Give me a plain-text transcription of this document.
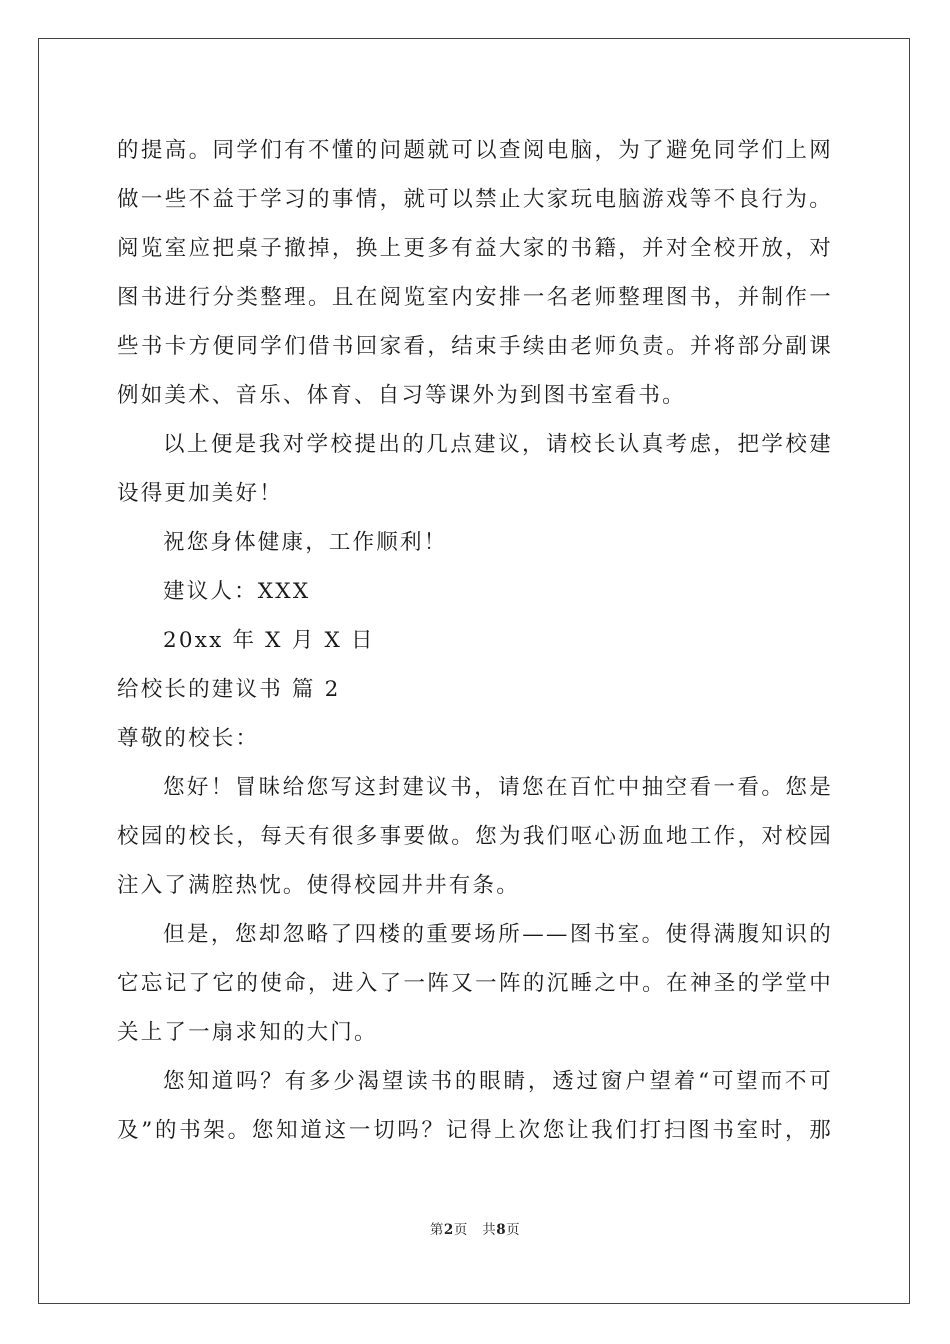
的提高。同学们有不懂的问题就可以查阅电脑，为了避免同学们上网
做一些不益于学习的事情，就可以禁止大家玩电脑游戏等不良行为。
阅览室应把桌子撤掉，换上更多有益大家的书籍，并对全校开放，对
图书进行分类整理。且在阅览室内安排一名老师整理图书，并制作一
些书卡方便同学们借书回家看，结束手续由老师负责。并将部分副课
例如美术、音乐、体育、自习等课外为到图书室看书。
以上便是我对学校提出的几点建议，请校长认真考虑，把学校建
设得更加美好！
祝您身体健康，工作顺利！
建议人：XXX
20xx 年 X 月 X 日
给校长的建议书 篇 2
尊敬的校长：
您好！冒昧给您写这封建议书，请您在百忙中抽空看一看。您是
校园的校长，每天有很多事要做。您为我们呕心沥血地工作，对校园
注入了满腔热忱。使得校园井井有条。
但是，您却忽略了四楼的重要场所——图书室。使得满腹知识的
它忘记了它的使命，进入了一阵又一阵的沉睡之中。在神圣的学堂中
关上了一扇求知的大门。
您知道吗？有多少渴望读书的眼睛，透过窗户望着“可望而不可
及”的书架。您知道这一切吗？记得上次您让我们打扫图书室时，那
第2页 共8页
